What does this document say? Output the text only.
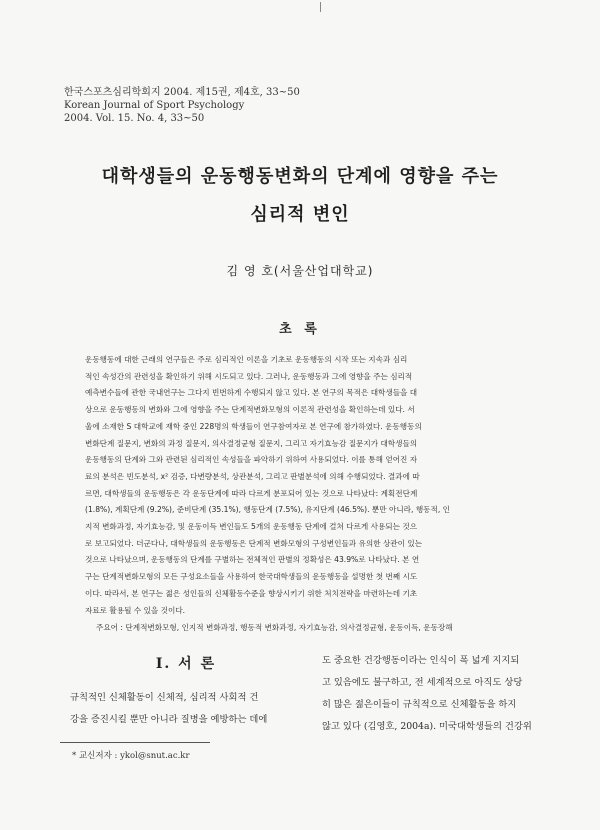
한국스포츠심리학회지 2004. 제15권, 제4호, 33~50
Korean Journal of Sport Psychology
2004. Vol. 15. No. 4, 33~50
대학생들의 운동행동변화의 단계에 영향을 주는
심리적 변인
김 영 호(서울산업대학교)
초 록
운동행동에 대한 근래의 연구들은 주로 심리적인 이론을 기초로 운동행동의 시작 또는 지속과 심리
적인 속성간의 관련성을 확인하기 위해 시도되고 있다. 그러나, 운동행동과 그에 영향을 주는 심리적
예측변수들에 관한 국내연구는 그다지 빈번하게 수행되지 않고 있다. 본 연구의 목적은 대학생들을 대
상으로 운동행동의 변화와 그에 영향을 주는 단계적변화모형의 이론적 관련성을 확인하는데 있다. 서
울에 소재한 S 대학교에 재학 중인 228명의 학생들이 연구참여자로 본 연구에 참가하였다. 운동행동의
변화단계 질문지, 변화의 과정 질문지, 의사결정균형 질문지, 그리고 자기효능감 질문지가 대학생들의
운동행동의 단계와 그와 관련된 심리적인 속성들을 파악하기 위하여 사용되었다. 이를 통해 얻어진 자
료의 분석은 빈도분석, x² 검증, 다변량분석, 상관분석, 그리고 판별분석에 의해 수행되었다. 결과에 따
르면, 대학생들의 운동행동은 각 운동단계에 따라 다르게 분포되어 있는 것으로 나타났다: 계획전단계
(1.8%), 계획단계 (9.2%), 준비단계 (35.1%), 행동단계 (7.5%), 유지단계 (46.5%). 뿐만 아니라, 행동적, 인
지적 변화과정, 자기효능감, 및 운동이득 변인들도 5개의 운동행동 단계에 걸쳐 다르게 사용되는 것으
로 보고되었다. 더군다나, 대학생들의 운동행동은 단계적 변화모형의 구성변인들과 유의한 상관이 있는
것으로 나타났으며, 운동행동의 단계를 구별하는 전체적인 판별의 정확성은 43.9%로 나타났다. 본 연
구는 단계적변화모형의 모든 구성요소들을 사용하여 한국대학생들의 운동행동을 설명한 첫 번째 시도
이다. 따라서, 본 연구는 젊은 성인들의 신체활동수준을 향상시키기 위한 처치전략을 마련하는데 기초
자료로 활용될 수 있을 것이다.
주요어 : 단계적변화모형, 인지적 변화과정, 행동적 변화과정, 자기효능감, 의사결정균형, 운동이득, 운동장해
Ⅰ. 서 론
규칙적인 신체활동이 신체적, 심리적 사회적 건
강을 증진시킬 뿐만 아니라 질병을 예방하는 데에
도 중요한 건강행동이라는 인식이 폭 넓게 지지되
고 있음에도 불구하고, 전 세계적으로 아직도 상당
히 많은 젊은이들이 규칙적으로 신체활동을 하지
않고 있다 (김영호, 2004a). 미국대학생들의 건강위
* 교신저자 : ykol@snut.ac.kr
